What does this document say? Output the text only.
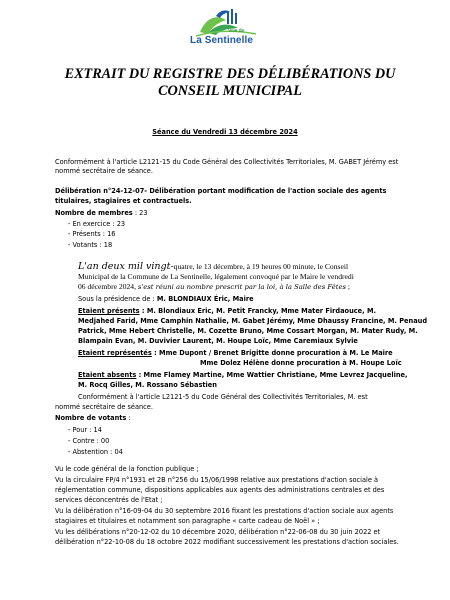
Ville de
La Sentinelle
EXTRAIT DU REGISTRE DES DÉLIBÉRATIONS DU
CONSEIL MUNICIPAL
Séance du Vendredi 13 décembre 2024
Conformément à l'article L2121-15 du Code Général des Collectivités Territoriales, M. GABET Jérémy est
nommé secrétaire de séance.
Délibération n°24-12-07- Délibération portant modification de l'action sociale des agents
titulaires, stagiaires et contractuels.
Nombre de membres : 23
- En exercice : 23
- Présents : 16
- Votants : 18
L'an deux mil vingt-quatre, le 13 décembre, à 19 heures 00 minute, le Conseil
Municipal de la Commune de La Sentinelle, légalement convoqué par le Maire le vendredi
06 décembre 2024, s'est réuni au nombre prescrit par la loi, à la Salle des Fêtes ;
Sous la présidence de : M. BLONDIAUX Éric, Maire
Etaient présents : M. Blondiaux Eric, M. Petit Francky, Mme Mater Firdaouce, M.
Medjahed Farid, Mme Camphin Nathalie, M. Gabet Jérémy, Mme Dhaussy Francine, M. Penaud
Patrick, Mme Hebert Christelle, M. Cozette Bruno, Mme Cossart Morgan, M. Mater Rudy, M.
Blampain Evan, M. Duvivier Laurent, M. Houpe Loïc, Mme Caremiaux Sylvie
Etaient représentés : Mme Dupont / Brenet Brigitte donne procuration à M. Le Maire
Mme Dolez Hélène donne procuration à M. Houpe Loïc
Etaient absents : Mme Flamey Martine, Mme Wattier Christiane, Mme Levrez Jacqueline,
M. Rocq Gilles, M. Rossano Sébastien
Conformément à l'article L2121-5 du Code Général des Collectivités Territoriales, M. est
nommé secrétaire de séance.
Nombre de votants :
- Pour : 14
- Contre : 00
- Abstention : 04
Vu le code général de la fonction publique ;
Vu la circulaire FP/4 n°1931 et 2B n°256 du 15/06/1998 relative aux prestations d'action sociale à
réglementation commune, dispositions applicables aux agents des administrations centrales et des
services déconcentrés de l'Etat ;
Vu la délibération n°16-09-04 du 30 septembre 2016 fixant les prestations d'action sociale aux agents
stagiaires et titulaires et notamment son paragraphe « carte cadeau de Noël » ;
Vu les délibérations n°20-12-02 du 10 décembre 2020, délibération n°22-06-08 du 30 juin 2022 et
délibération n°22-10-08 du 18 octobre 2022 modifiant successivement les prestations d'action sociales.
